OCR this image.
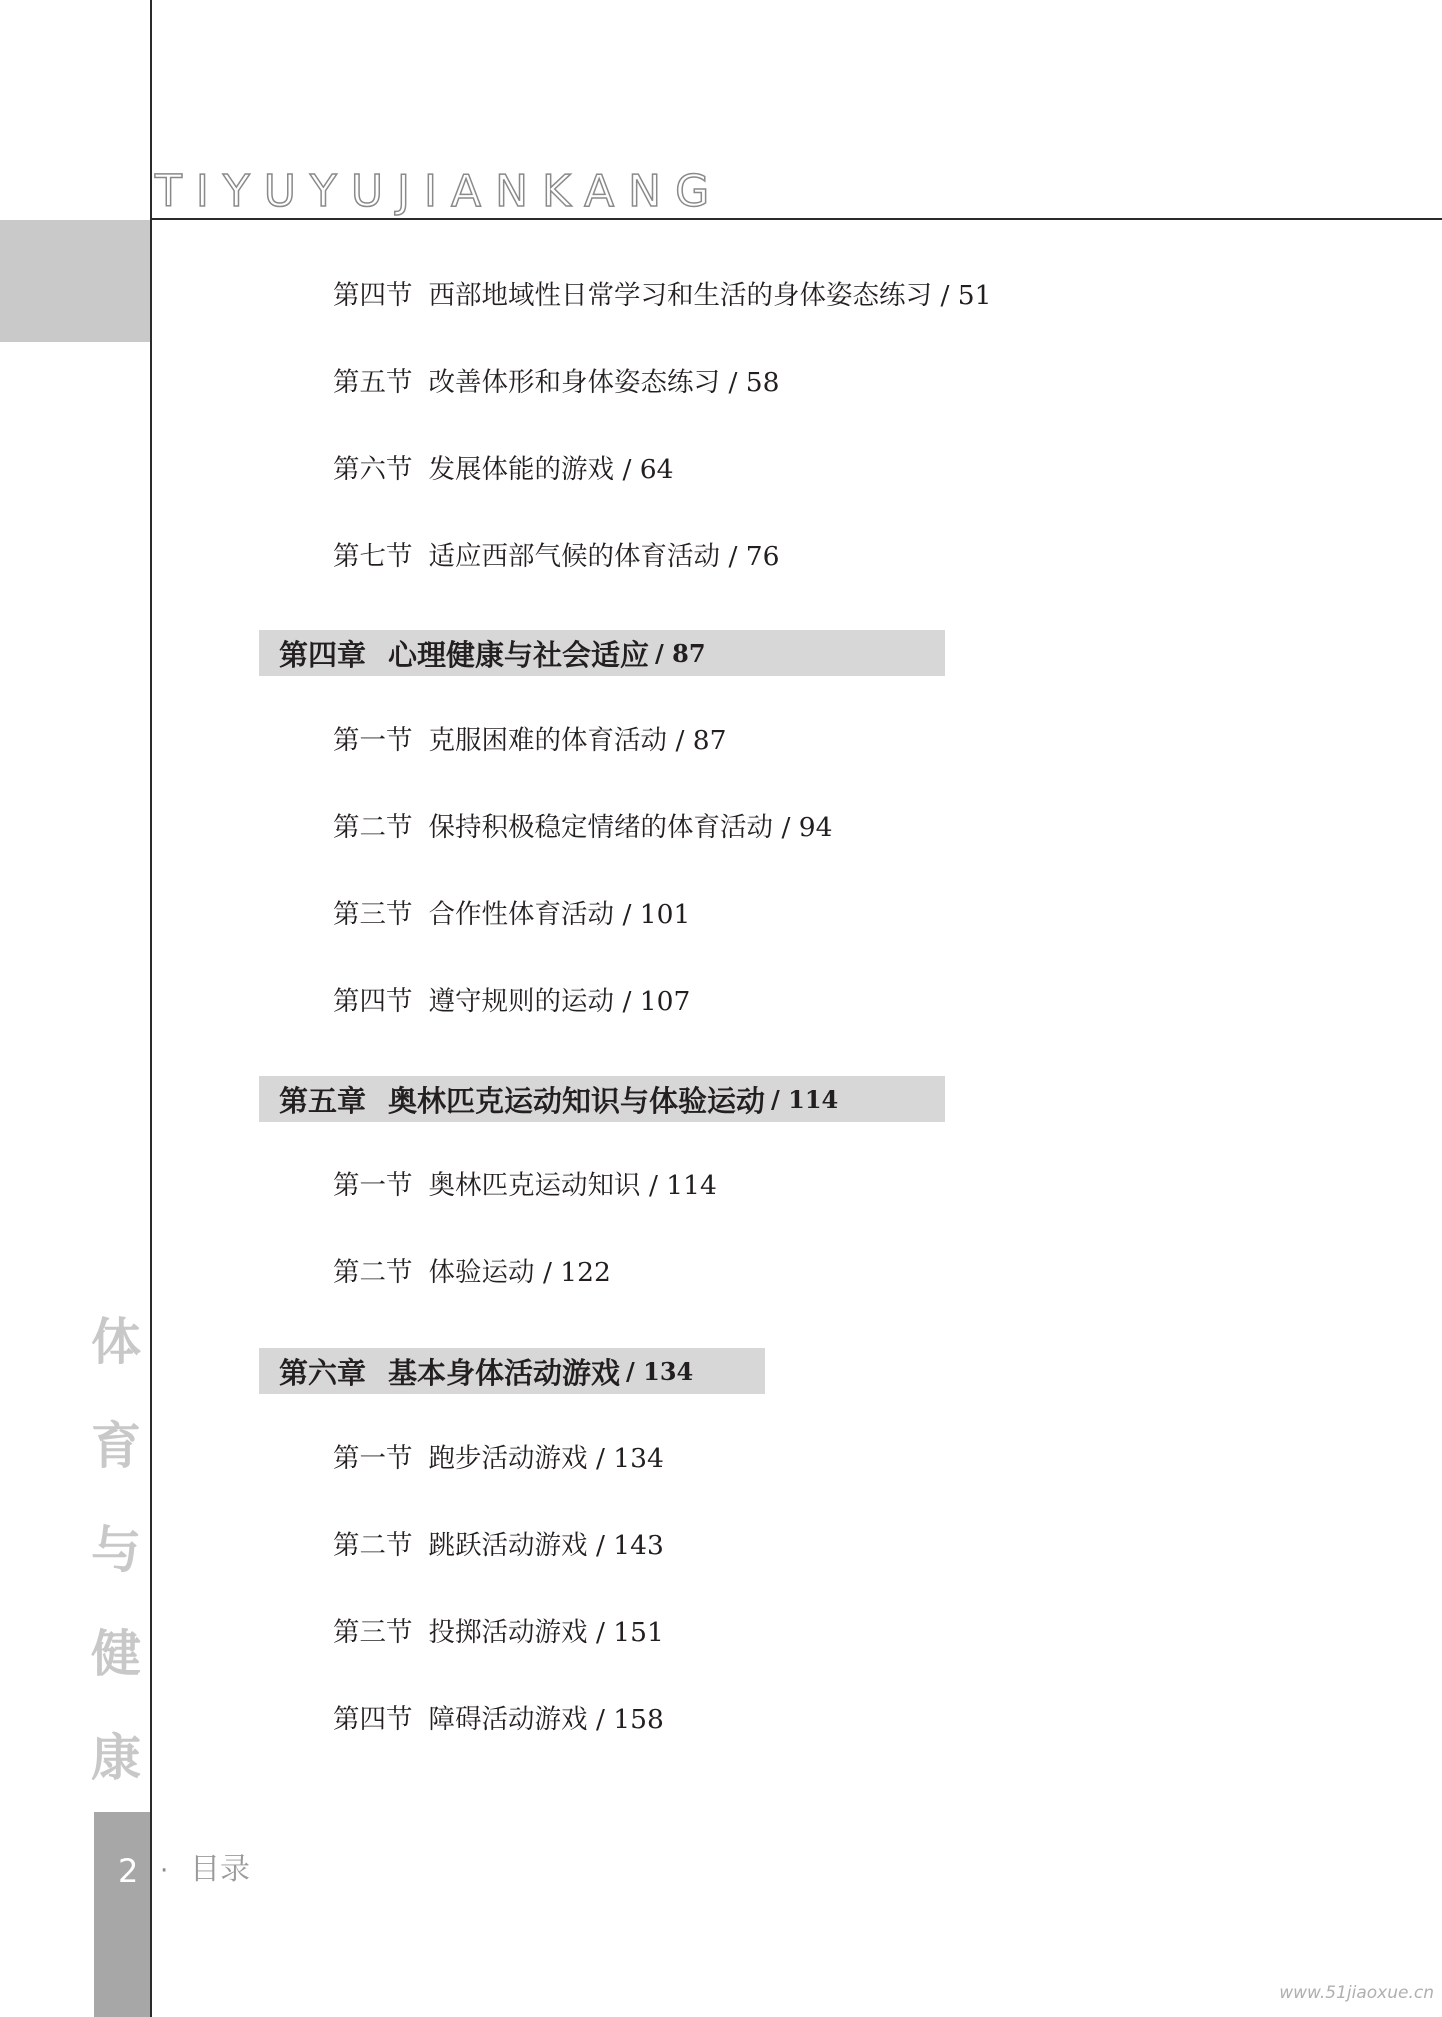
TIYUYUJIANKANG
体
育
与
健
康
2 · 目录
www.51jiaoxue.cn
第四节 西部地域性日常学习和生活的身体姿态练习 / 51
第五节 改善体形和身体姿态练习 / 58
第六节 发展体能的游戏 / 64
第七节 适应西部气候的体育活动 / 76
第四章 心理健康与社会适应 / 87
第一节 克服困难的体育活动 / 87
第二节 保持积极稳定情绪的体育活动 / 94
第三节 合作性体育活动 / 101
第四节 遵守规则的运动 / 107
第五章 奥林匹克运动知识与体验运动 / 114
第一节 奥林匹克运动知识 / 114
第二节 体验运动 / 122
第六章 基本身体活动游戏 / 134
第一节 跑步活动游戏 / 134
第二节 跳跃活动游戏 / 143
第三节 投掷活动游戏 / 151
第四节 障碍活动游戏 / 158
